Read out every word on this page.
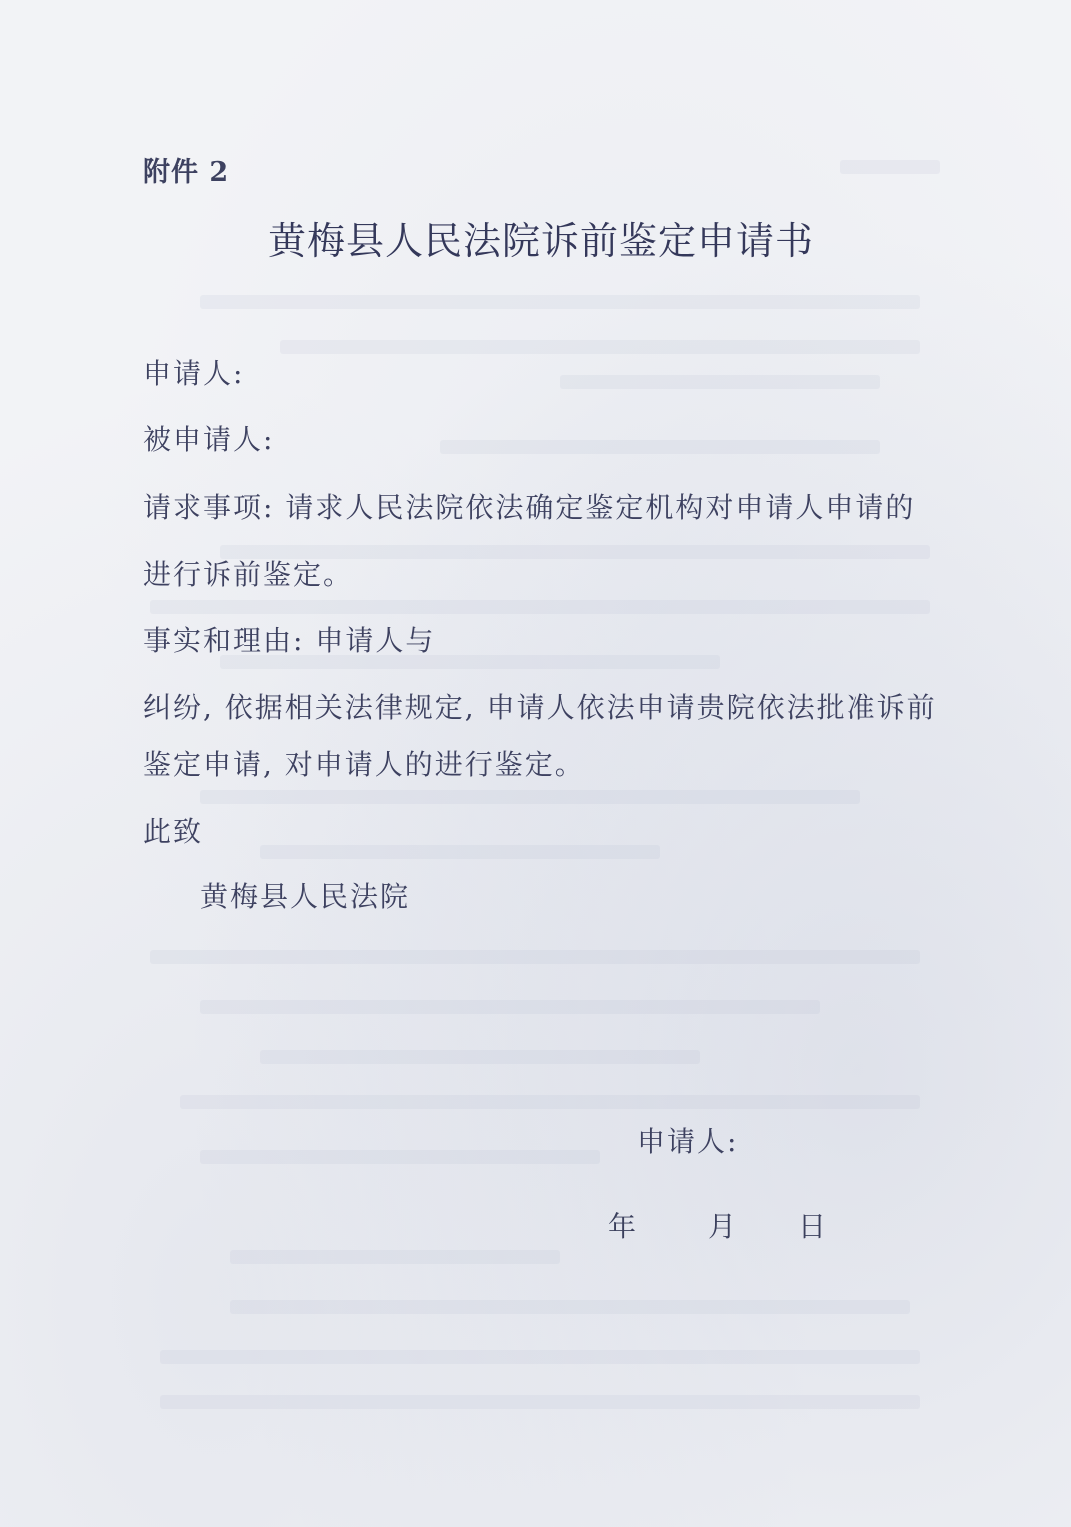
附件 2
黄梅县人民法院诉前鉴定申请书
申请人:
被申请人:
请求事项: 请求人民法院依法确定鉴定机构对申请人申请的
进行诉前鉴定。
事实和理由: 申请人与
纠纷, 依据相关法律规定, 申请人依法申请贵院依法批准诉前
鉴定申请, 对申请人的进行鉴定。
此致
黄梅县人民法院
申请人:
年	月	日
